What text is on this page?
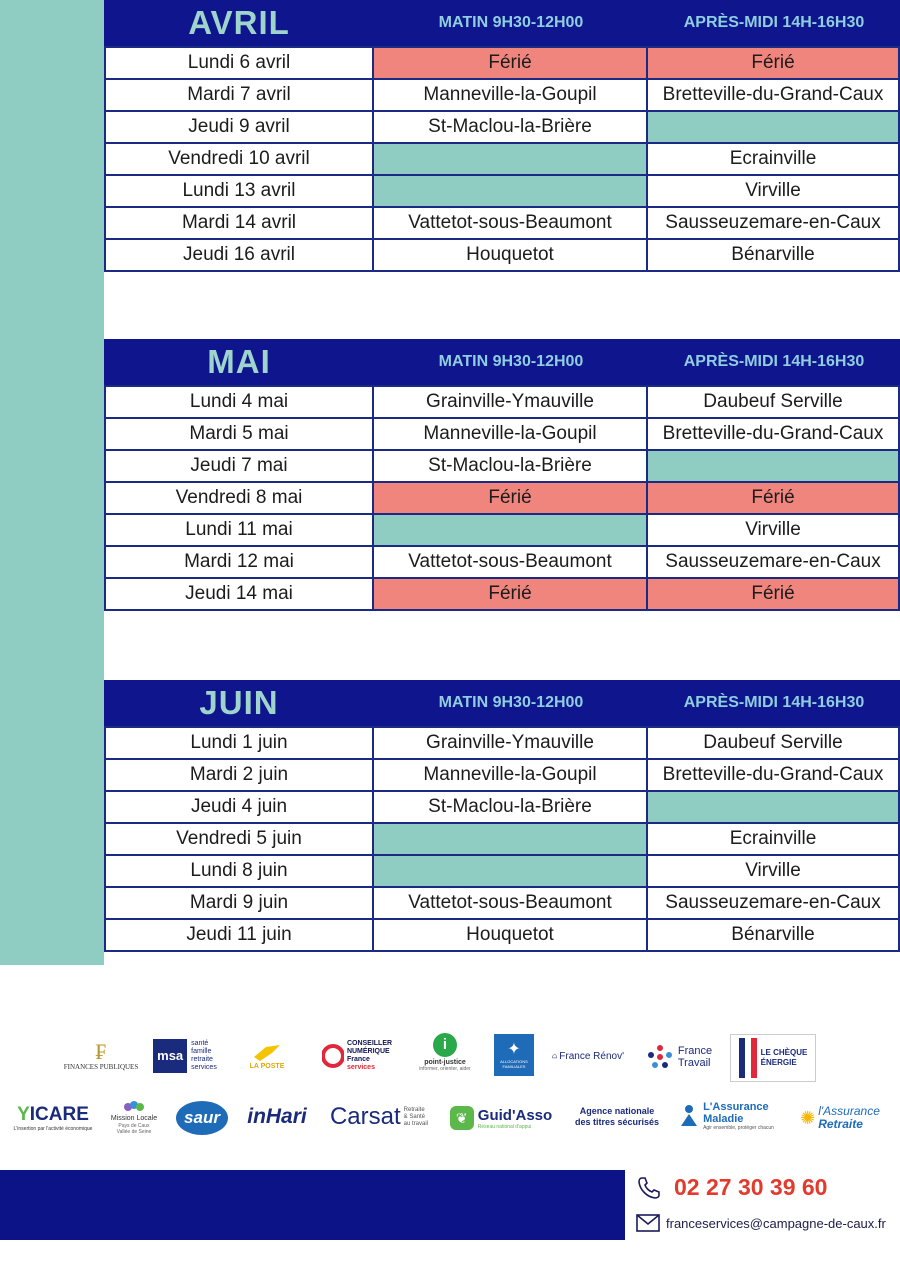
AVRIL	MATIN 9H30-12H00	APRÈS-MIDI 14H-16H30
Lundi 6 avril	Férié	Férié
Mardi 7 avril	Manneville-la-Goupil	Bretteville-du-Grand-Caux
Jeudi 9 avril	St-Maclou-la-Brière	
Vendredi 10 avril		Ecrainville
Lundi 13 avril		Virville
Mardi 14 avril	Vattetot-sous-Beaumont	Sausseuzemare-en-Caux
Jeudi 16 avril	Houquetot	Bénarville
MAI	MATIN 9H30-12H00	APRÈS-MIDI 14H-16H30
Lundi 4 mai	Grainville-Ymauville	Daubeuf Serville
Mardi 5 mai	Manneville-la-Goupil	Bretteville-du-Grand-Caux
Jeudi 7 mai	St-Maclou-la-Brière	
Vendredi 8 mai	Férié	Férié
Lundi 11 mai		Virville
Mardi 12 mai	Vattetot-sous-Beaumont	Sausseuzemare-en-Caux
Jeudi 14 mai	Férié	Férié
JUIN	MATIN 9H30-12H00	APRÈS-MIDI 14H-16H30
Lundi 1 juin	Grainville-Ymauville	Daubeuf Serville
Mardi 2 juin	Manneville-la-Goupil	Bretteville-du-Grand-Caux
Jeudi 4 juin	St-Maclou-la-Brière	
Vendredi 5 juin		Ecrainville
Lundi 8 juin		Virville
Mardi 9 juin	Vattetot-sous-Beaumont	Sausseuzemare-en-Caux
Jeudi 11 juin	Houquetot	Bénarville
₣
FINANCES PUBLIQUES
msa
santé
famille
retraite
services	LA POSTE
CONSEILLER
NUMÉRIQUE
France
services
i
point-justice
informer, orienter, aider
✦
ALLOCATIONS FAMILIALES
France Rénov'	France
Travail
LE CHÈQUE
ÉNERGIE
YICARE
L'insertion par l'activité économique
Mission Locale
Pays de Caux
Vallée de Seine
saur	inHari Carsat Retraite
& Santé
au travail	❦ Guid'Asso
Réseau national d'appui
Agence nationale
des titres sécurisés
L'Assurance
Maladie
Agir ensemble, protéger chacun
✺ l'Assurance
Retraite
02 27 30 39 60
franceservices@campagne-de-caux.fr
